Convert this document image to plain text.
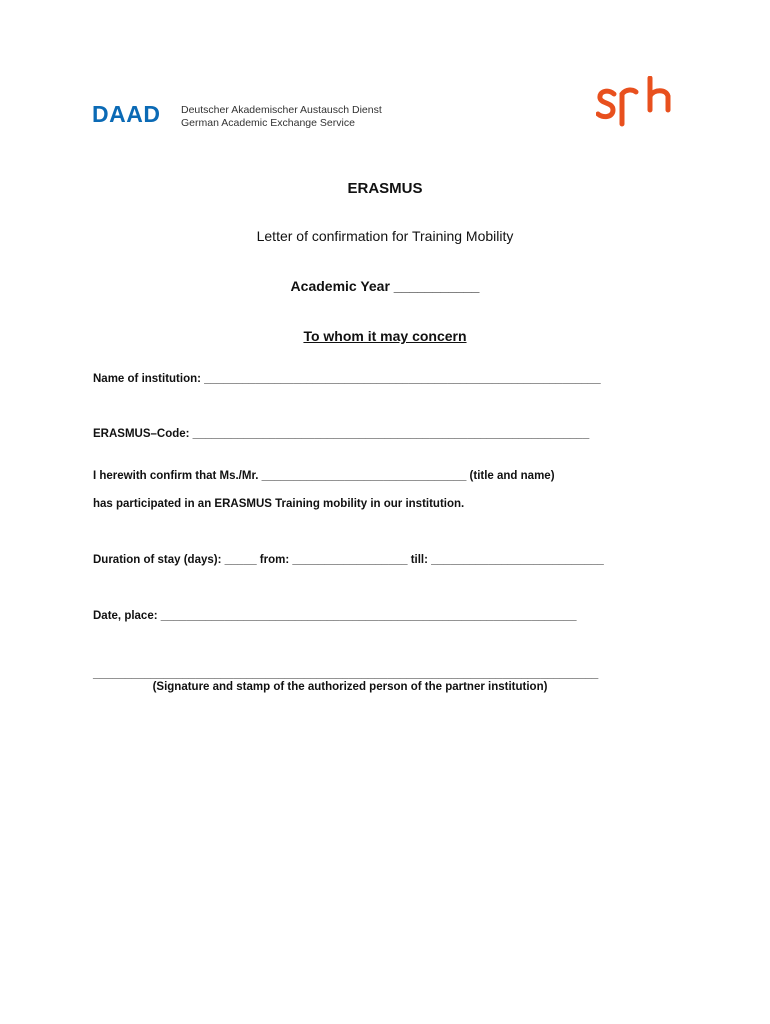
DAAD Deutscher Akademischer Austausch Dienst
German Academic Exchange Service
ERASMUS
Letter of confirmation for Training Mobility
Academic Year ___________
To whom it may concern
Name of institution: ______________________________________________________________
ERASMUS–Code: ______________________________________________________________
I herewith confirm that Ms./Mr. ________________________________ (title and name)
has participated in an ERASMUS Training mobility in our institution.
Duration of stay (days): _____ from: __________________ till: ___________________________
Date, place: _________________________________________________________________
_______________________________________________________________________________
(Signature and stamp of the authorized person of the partner institution)
